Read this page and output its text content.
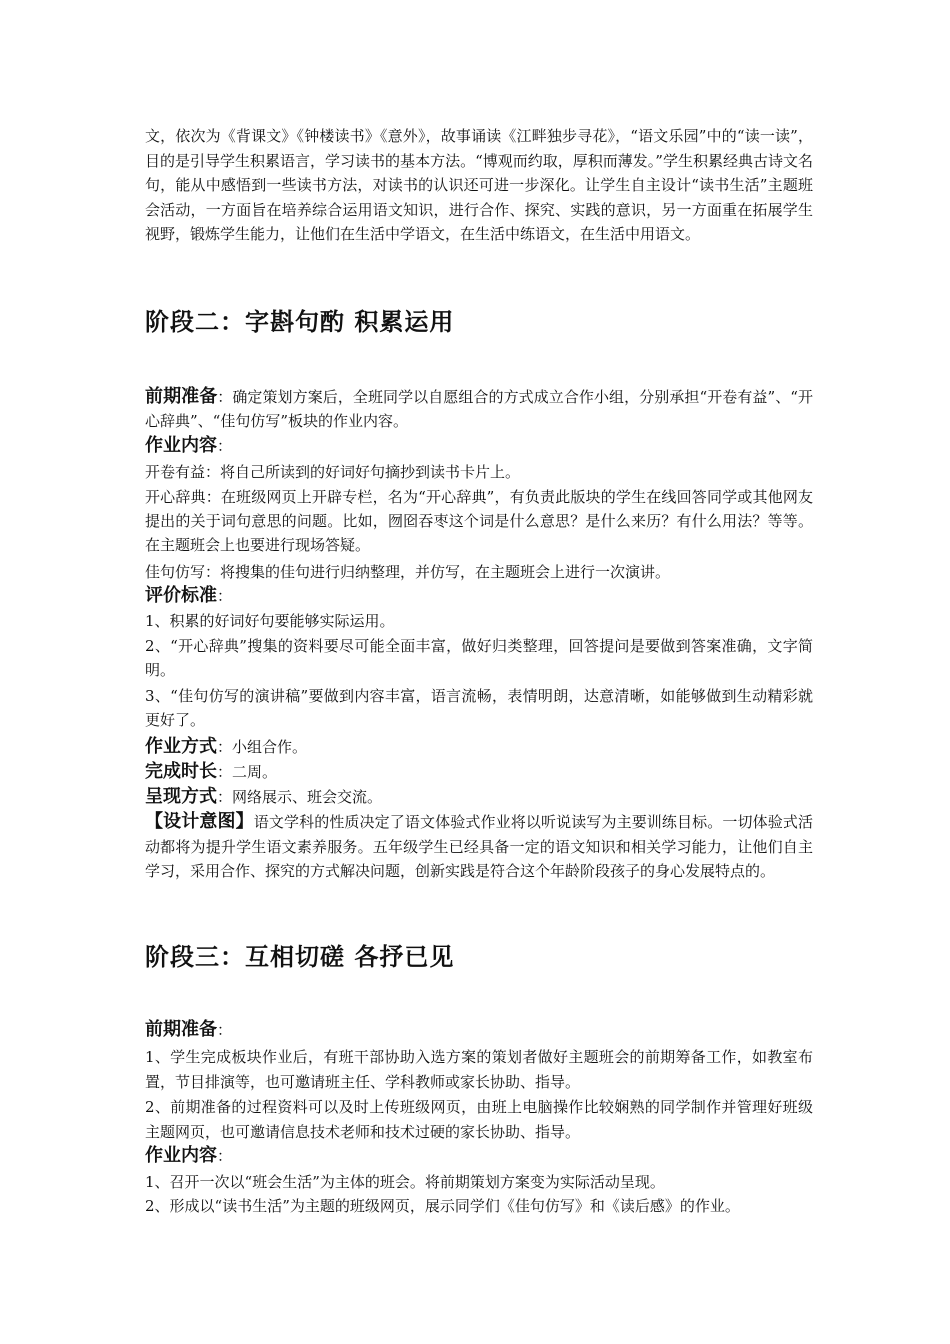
文，依次为《背课文》《钟楼读书》《意外》，故事诵读《江畔独步寻花》，“语文乐园”中的“读一读”，目的是引导学生积累语言，学习读书的基本方法。“博观而约取，厚积而薄发。”学生积累经典古诗文名句，能从中感悟到一些读书方法，对读书的认识还可进一步深化。让学生自主设计“读书生活”主题班会活动，一方面旨在培养综合运用语文知识，进行合作、探究、实践的意识，另一方面重在拓展学生视野，锻炼学生能力，让他们在生活中学语文，在生活中练语文，在生活中用语文。

阶段二：字斟句酌 积累运用

前期准备：确定策划方案后，全班同学以自愿组合的方式成立合作小组，分别承担“开卷有益”、“开心辞典”、“佳句仿写”板块的作业内容。

作业内容：

开卷有益：将自己所读到的好词好句摘抄到读书卡片上。

开心辞典：在班级网页上开辟专栏，名为“开心辞典”，有负责此版块的学生在线回答同学或其他网友提出的关于词句意思的问题。比如，囫囵吞枣这个词是什么意思？是什么来历？有什么用法？等等。在主题班会上也要进行现场答疑。

佳句仿写：将搜集的佳句进行归纳整理，并仿写，在主题班会上进行一次演讲。

评价标准：

1、积累的好词好句要能够实际运用。

2、“开心辞典”搜集的资料要尽可能全面丰富，做好归类整理，回答提问是要做到答案准确，文字简明。

3、“佳句仿写的演讲稿”要做到内容丰富，语言流畅，表情明朗，达意清晰，如能够做到生动精彩就更好了。

作业方式：小组合作。

完成时长：二周。

呈现方式：网络展示、班会交流。

【设计意图】语文学科的性质决定了语文体验式作业将以听说读写为主要训练目标。一切体验式活动都将为提升学生语文素养服务。五年级学生已经具备一定的语文知识和相关学习能力，让他们自主学习，采用合作、探究的方式解决问题，创新实践是符合这个年龄阶段孩子的身心发展特点的。

阶段三：互相切磋 各抒已见

前期准备：

1、学生完成板块作业后，有班干部协助入选方案的策划者做好主题班会的前期筹备工作，如教室布置，节目排演等，也可邀请班主任、学科教师或家长协助、指导。

2、前期准备的过程资料可以及时上传班级网页，由班上电脑操作比较娴熟的同学制作并管理好班级主题网页，也可邀请信息技术老师和技术过硬的家长协助、指导。

作业内容：

1、召开一次以“班会生活”为主体的班会。将前期策划方案变为实际活动呈现。

2、形成以“读书生活”为主题的班级网页，展示同学们《佳句仿写》和《读后感》的作业。
